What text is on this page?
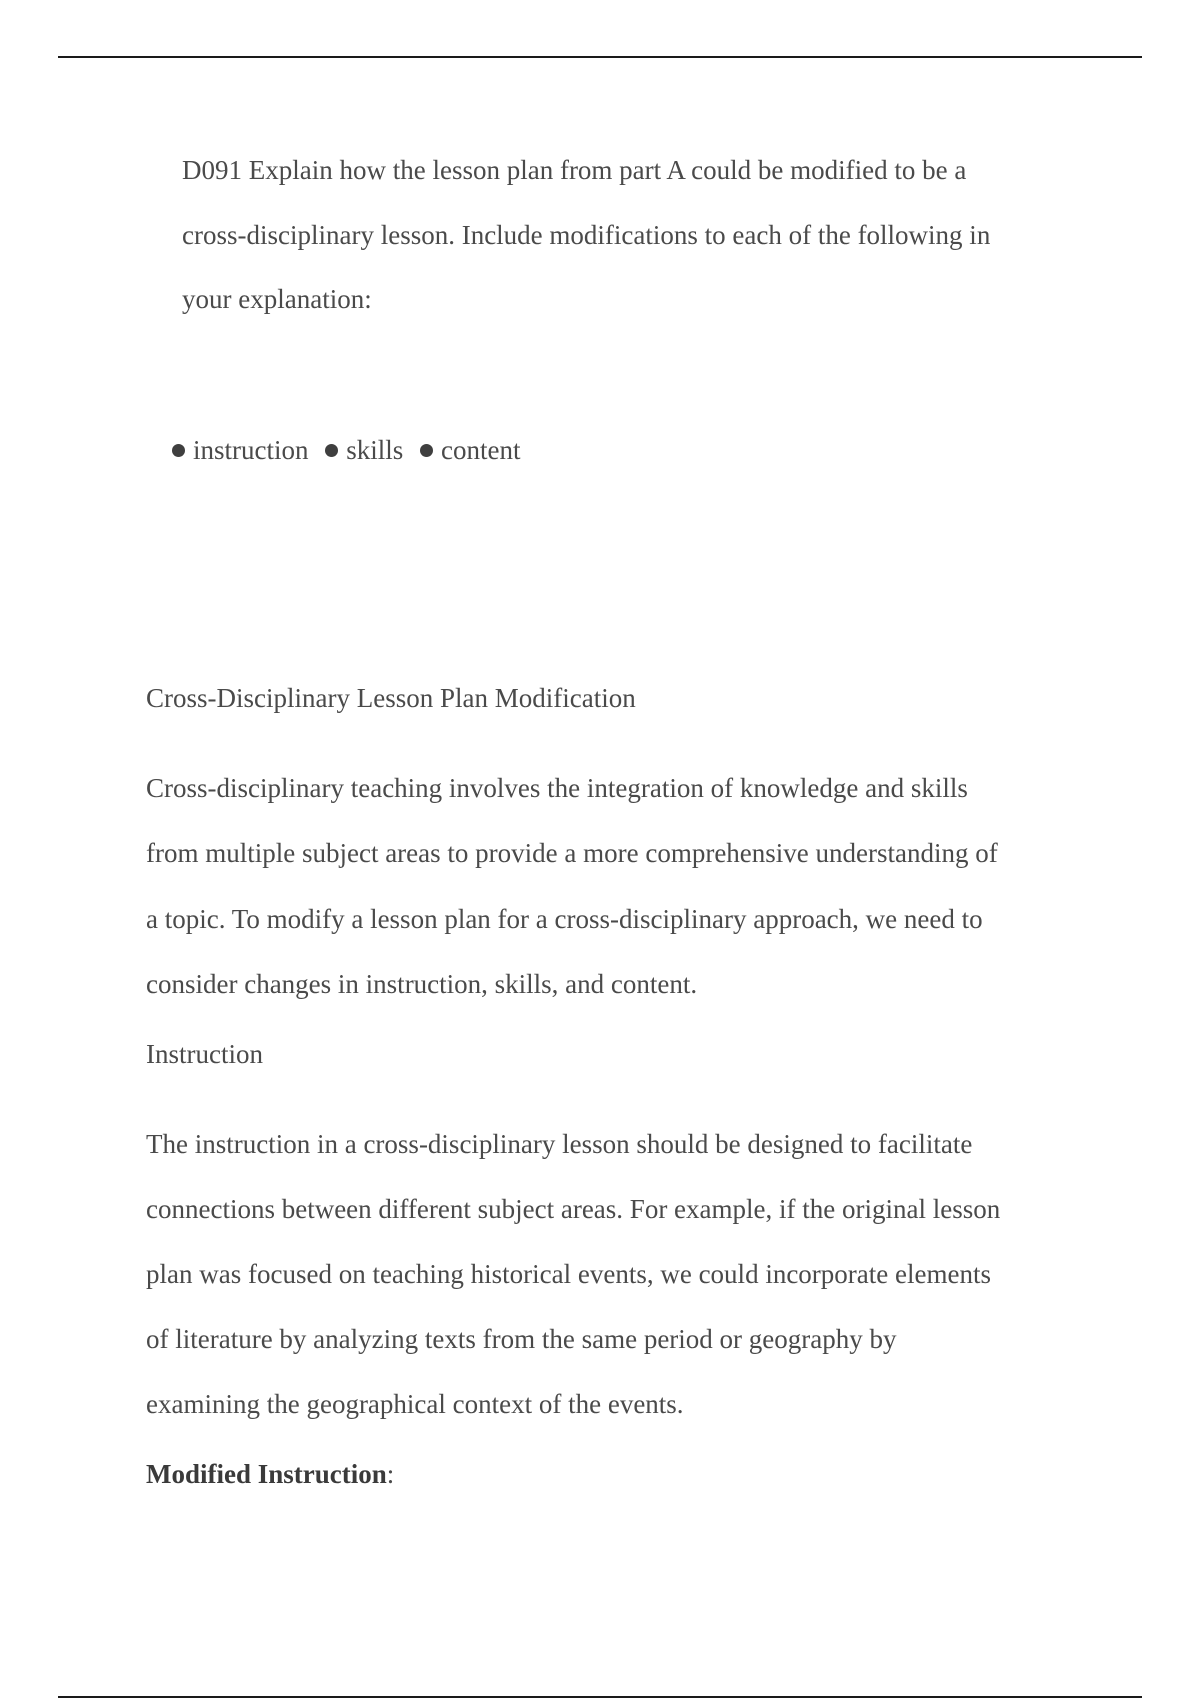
D091 Explain how the lesson plan from part A could be modified to be a
cross-disciplinary lesson. Include modifications to each of the following in
your explanation:
instruction skills content
Cross-Disciplinary Lesson Plan Modification
Cross-disciplinary teaching involves the integration of knowledge and skills
from multiple subject areas to provide a more comprehensive understanding of
a topic. To modify a lesson plan for a cross-disciplinary approach, we need to
consider changes in instruction, skills, and content.
Instruction
The instruction in a cross-disciplinary lesson should be designed to facilitate
connections between different subject areas. For example, if the original lesson
plan was focused on teaching historical events, we could incorporate elements
of literature by analyzing texts from the same period or geography by
examining the geographical context of the events.
Modified Instruction:
